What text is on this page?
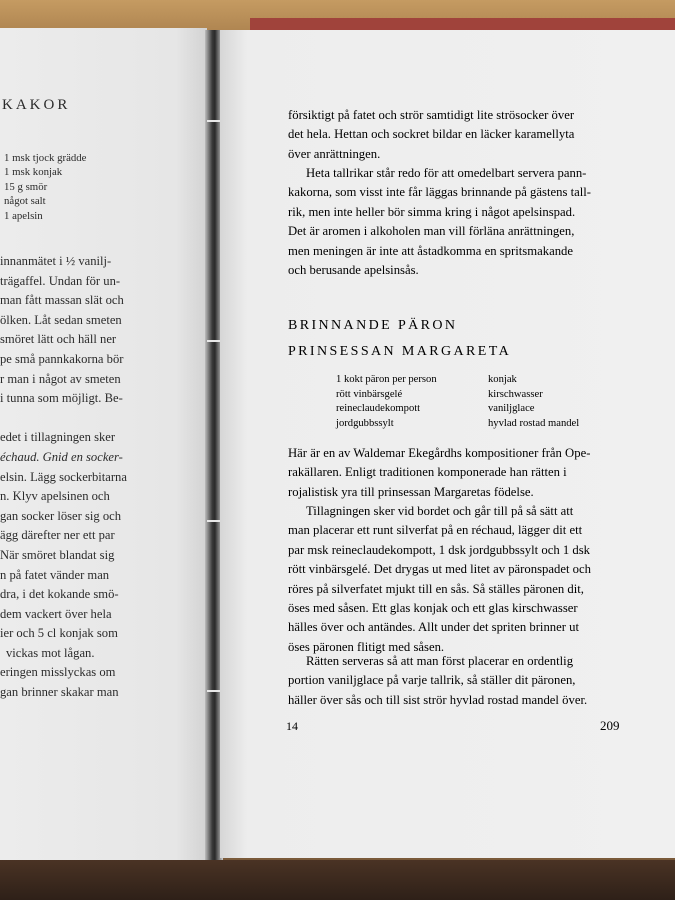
KAKOR
1 msk tjock grädde
1 msk konjak
15 g smör
något salt
1 apelsin
innanmätet i ½ vanilj-
trägaffel. Undan för un-
man fått massan slät och
ölken. Låt sedan smeten
smöret lätt och häll ner
pe små pannkakorna bör
r man i något av smeten
i tunna som möjligt. Be-

edet i tillagningen sker
échaud. Gnid en socker-
elsin. Lägg sockerbitarna
n. Klyv apelsinen och
gan socker löser sig och
ägg därefter ner ett par
När smöret blandat sig
n på fatet vänder man
dra, i det kokande smö-
dem vackert över hela
ier och 5 cl konjak som
vickas mot lågan.
eringen misslyckas om
gan brinner skakar man
försiktigt på fatet och strör samtidigt lite strösocker över
det hela. Hettan och sockret bildar en läcker karamellyta
över anrättningen.
Heta tallrikar står redo för att omedelbart servera pann-
kakorna, som visst inte får läggas brinnande på gästens tall-
rik, men inte heller bör simma kring i något apelsinspad.
Det är aromen i alkoholen man vill förläna anrättningen,
men meningen är inte att åstadkomma en spritsmakande
och berusande apelsinsås.
BRINNANDE PÄRON
PRINSESSAN MARGARETA
1 kokt päron per person
rött vinbärsgelé
reineclaudekompott
jordgubbssylt
konjak
kirschwasser
vaniljglace
hyvlad rostad mandel
Här är en av Waldemar Ekegårdhs kompositioner från Ope-
rakällaren. Enligt traditionen komponerade han rätten i
rojalistisk yra till prinsessan Margaretas födelse.
Tillagningen sker vid bordet och går till på så sätt att
man placerar ett runt silverfat på en réchaud, lägger dit ett
par msk reineclaudekompott, 1 dsk jordgubbssylt och 1 dsk
rött vinbärsgelé. Det drygas ut med litet av päronspadet och
röres på silverfatet mjukt till en sås. Så ställes päronen dit,
öses med såsen. Ett glas konjak och ett glas kirschwasser
hälles över och antändes. Allt under det spriten brinner ut
öses päronen flitigt med såsen.
Rätten serveras så att man först placerar en ordentlig
portion vaniljglace på varje tallrik, så ställer dit päronen,
häller över sås och till sist strör hyvlad rostad mandel över.
14	209
